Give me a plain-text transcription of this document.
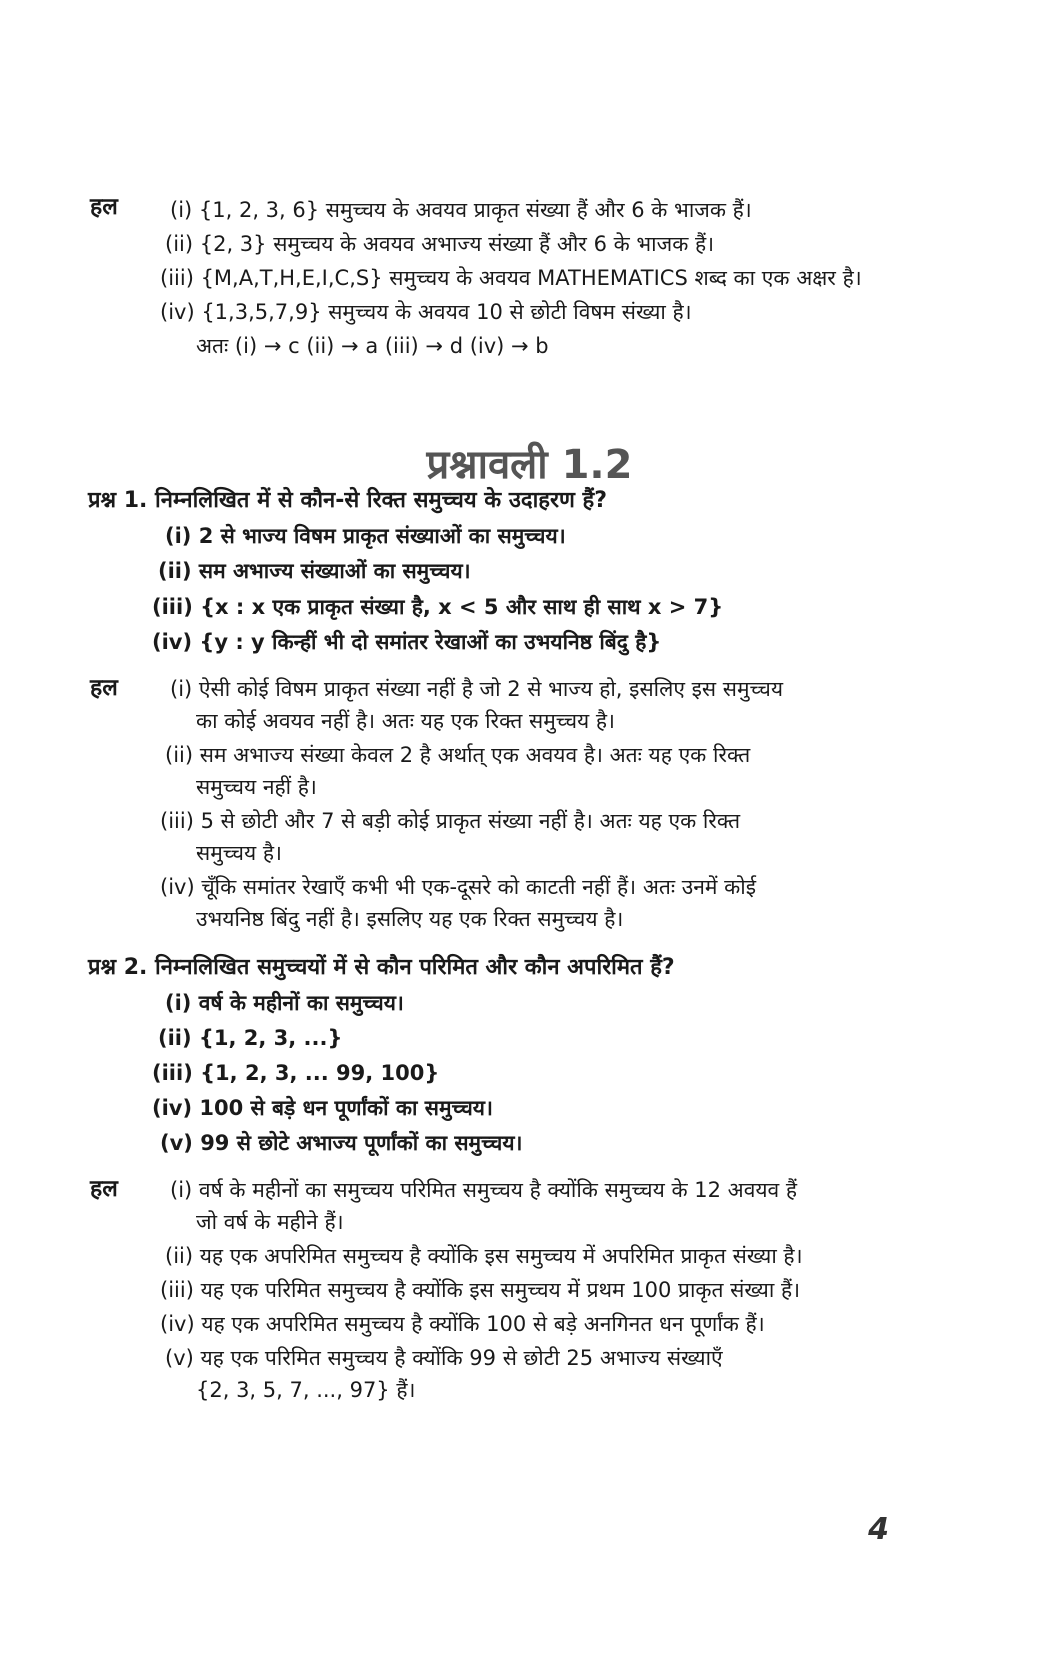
हल (i) {1, 2, 3, 6} समुच्चय के अवयव प्राकृत संख्या हैं और 6 के भाजक हैं।
(ii) {2, 3} समुच्चय के अवयव अभाज्य संख्या हैं और 6 के भाजक हैं।
(iii) {M,A,T,H,E,I,C,S} समुच्चय के अवयव MATHEMATICS शब्द का एक अक्षर है।
(iv) {1,3,5,7,9} समुच्चय के अवयव 10 से छोटी विषम संख्या है।
अतः (i) → c (ii) → a (iii) → d (iv) → b
प्रश्नावली 1.2
प्रश्न 1. निम्नलिखित में से कौन-से रिक्त समुच्चय के उदाहरण हैं?
(i) 2 से भाज्य विषम प्राकृत संख्याओं का समुच्चय।
(ii) सम अभाज्य संख्याओं का समुच्चय।
(iii) {x : x एक प्राकृत संख्या है, x < 5 और साथ ही साथ x > 7}
(iv) {y : y किन्हीं भी दो समांतर रेखाओं का उभयनिष्ठ बिंदु है}
हल (i) ऐसी कोई विषम प्राकृत संख्या नहीं है जो 2 से भाज्य हो, इसलिए इस समुच्चय
का कोई अवयव नहीं है। अतः यह एक रिक्त समुच्चय है।
(ii) सम अभाज्य संख्या केवल 2 है अर्थात् एक अवयव है। अतः यह एक रिक्त
समुच्चय नहीं है।
(iii) 5 से छोटी और 7 से बड़ी कोई प्राकृत संख्या नहीं है। अतः यह एक रिक्त
समुच्चय है।
(iv) चूँकि समांतर रेखाएँ कभी भी एक-दूसरे को काटती नहीं हैं। अतः उनमें कोई
उभयनिष्ठ बिंदु नहीं है। इसलिए यह एक रिक्त समुच्चय है।
प्रश्न 2. निम्नलिखित समुच्चयों में से कौन परिमित और कौन अपरिमित हैं?
(i) वर्ष के महीनों का समुच्चय।
(ii) {1, 2, 3, ...}
(iii) {1, 2, 3, ... 99, 100}
(iv) 100 से बड़े धन पूर्णांकों का समुच्चय।
(v) 99 से छोटे अभाज्य पूर्णांकों का समुच्चय।
हल (i) वर्ष के महीनों का समुच्चय परिमित समुच्चय है क्योंकि समुच्चय के 12 अवयव हैं
जो वर्ष के महीने हैं।
(ii) यह एक अपरिमित समुच्चय है क्योंकि इस समुच्चय में अपरिमित प्राकृत संख्या है।
(iii) यह एक परिमित समुच्चय है क्योंकि इस समुच्चय में प्रथम 100 प्राकृत संख्या हैं।
(iv) यह एक अपरिमित समुच्चय है क्योंकि 100 से बड़े अनगिनत धन पूर्णांक हैं।
(v) यह एक परिमित समुच्चय है क्योंकि 99 से छोटी 25 अभाज्य संख्याएँ
{2, 3, 5, 7, ..., 97} हैं।
4
